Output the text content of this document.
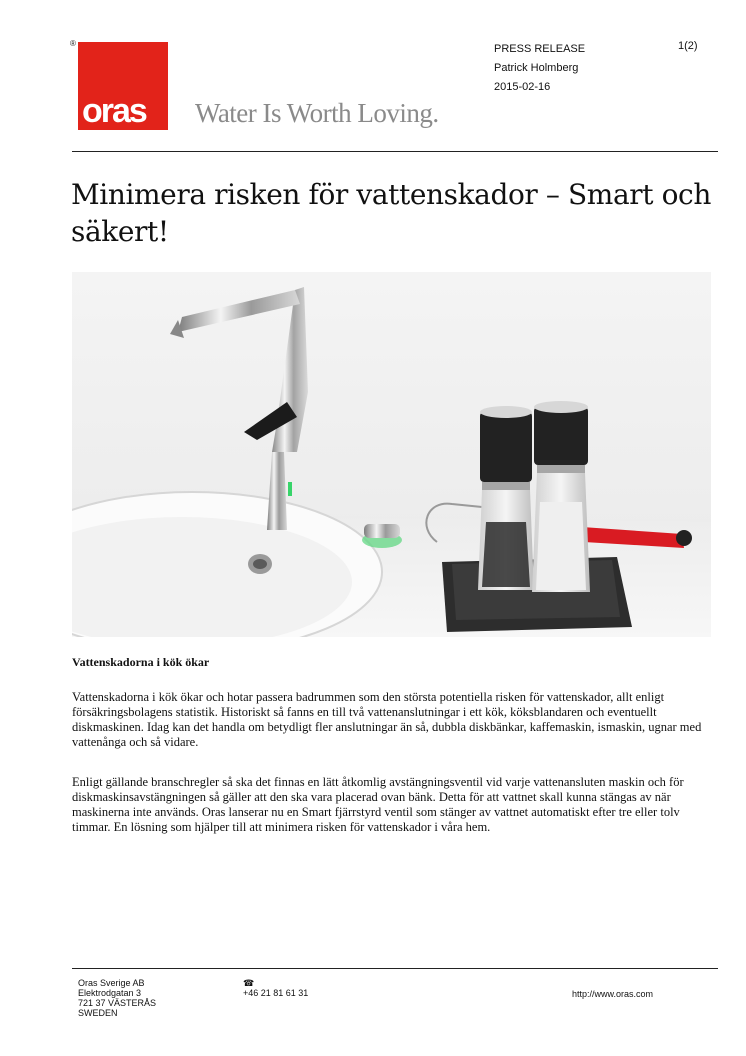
®
oras Water Is Worth Loving.
PRESS RELEASE
Patrick Holmberg
2015-02-16
1(2)
Minimera risken för vattenskador – Smart och säkert!
Vattenskadorna i kök ökar

Vattenskadorna i kök ökar och hotar passera badrummen som den största potentiella risken för vattenskador, allt enligt försäkringsbolagens statistik. Historiskt så fanns en till två vattenanslutningar i ett kök, köksblandaren och eventuellt diskmaskinen. Idag kan det handla om betydligt fler anslutningar än så, dubbla diskbänkar, kaffemaskin, ismaskin, ugnar med vattenånga och så vidare.

Enligt gällande branschregler så ska det finnas en lätt åtkomlig avstängningsventil vid varje vattenansluten maskin och för diskmaskinsavstängningen så gäller att den ska vara placerad ovan bänk. Detta för att vattnet skall kunna stängas av när maskinerna inte används. Oras lanserar nu en Smart fjärrstyrd ventil som stänger av vattnet automatiskt efter tre eller tolv timmar. En lösning som hjälper till att minimera risken för vattenskador i våra hem.

Oras Sverige AB
Elektrodgatan 3
721 37 VÄSTERÅS
SWEDEN
☎
+46 21 81 61 31	http://www.oras.com
